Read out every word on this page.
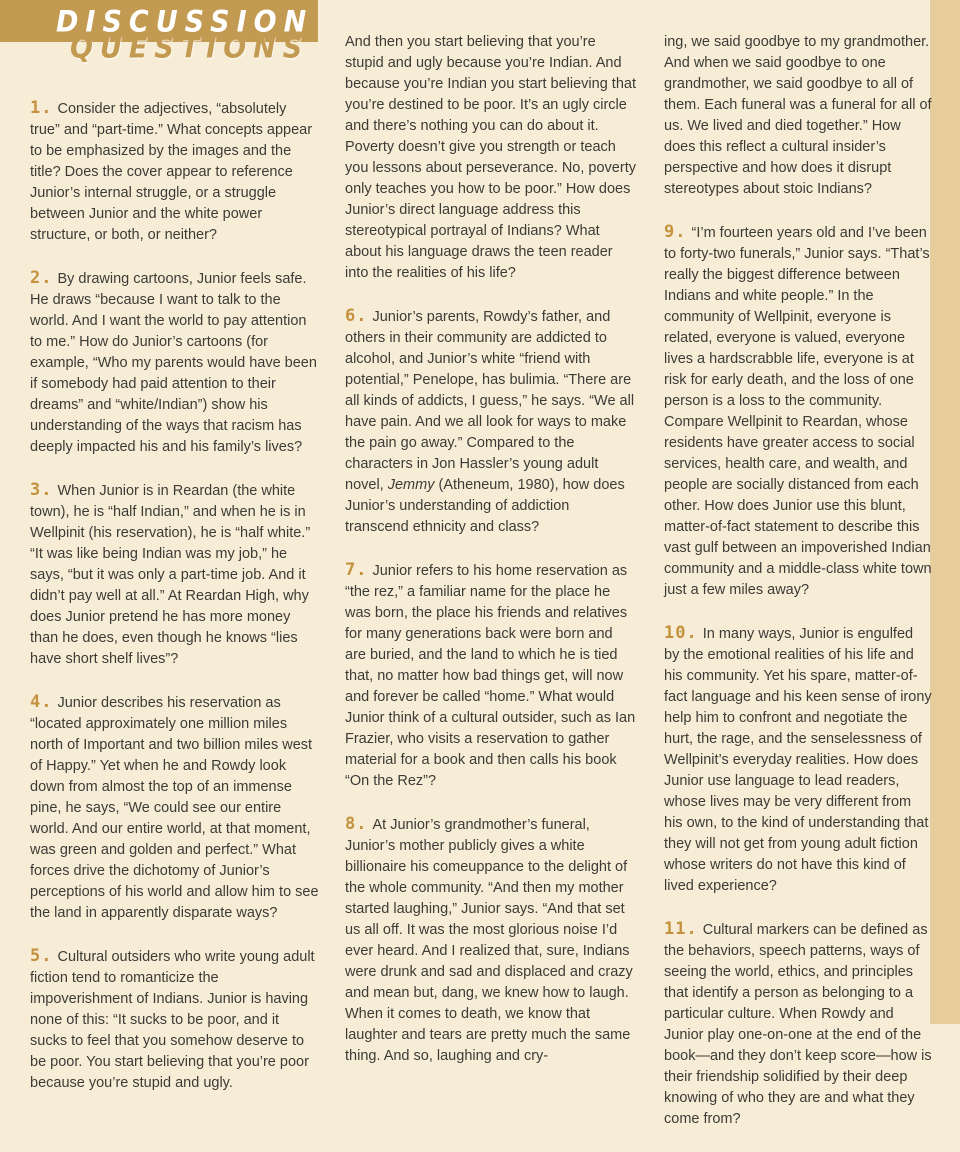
DISCUSSION
QUESTIONS

1. Consider the adjectives, “absolutely true” and “part-time.” What concepts appear to be emphasized by the images and the title? Does the cover appear to reference Junior’s internal struggle, or a struggle between Junior and the white power structure, or both, or neither?

2. By drawing cartoons, Junior feels safe. He draws “because I want to talk to the world. And I want the world to pay attention to me.” How do Junior’s cartoons (for example, “Who my parents would have been if somebody had paid attention to their dreams” and “white/Indian”) show his understanding of the ways that racism has deeply impacted his and his family’s lives?

3. When Junior is in Reardan (the white town), he is “half Indian,” and when he is in Wellpinit (his reservation), he is “half white.” “It was like being Indian was my job,” he says, “but it was only a part-time job. And it didn’t pay well at all.” At Reardan High, why does Junior pretend he has more money than he does, even though he knows “lies have short shelf lives”?

4. Junior describes his reservation as “located approximately one million miles north of Important and two billion miles west of Happy.” Yet when he and Rowdy look down from almost the top of an immense pine, he says, “We could see our entire world. And our entire world, at that moment, was green and golden and perfect.” What forces drive the dichotomy of Junior’s perceptions of his world and allow him to see the land in apparently disparate ways?

5. Cultural outsiders who write young adult fiction tend to romanticize the impoverishment of Indians. Junior is having none of this: “It sucks to be poor, and it sucks to feel that you somehow deserve to be poor. You start believing that you’re poor because you’re stupid and ugly.

And then you start believing that you’re stupid and ugly because you’re Indian. And because you’re Indian you start believing that you’re destined to be poor. It’s an ugly circle and there’s nothing you can do about it. Poverty doesn’t give you strength or teach you lessons about perseverance. No, poverty only teaches you how to be poor.” How does Junior’s direct language address this stereotypical portrayal of Indians? What about his language draws the teen reader into the realities of his life?

6. Junior’s parents, Rowdy’s father, and others in their community are addicted to alcohol, and Junior’s white “friend with potential,” Penelope, has bulimia. “There are all kinds of addicts, I guess,” he says. “We all have pain. And we all look for ways to make the pain go away.” Compared to the characters in Jon Hassler’s young adult novel, Jemmy (Atheneum, 1980), how does Junior’s understanding of addiction transcend ethnicity and class?

7. Junior refers to his home reservation as “the rez,” a familiar name for the place he was born, the place his friends and relatives for many generations back were born and are buried, and the land to which he is tied that, no matter how bad things get, will now and forever be called “home.” What would Junior think of a cultural outsider, such as Ian Frazier, who visits a reservation to gather material for a book and then calls his book “On the Rez”?

8. At Junior’s grandmother’s funeral, Junior’s mother publicly gives a white billionaire his comeuppance to the delight of the whole community. “And then my mother started laughing,” Junior says. “And that set us all off. It was the most glorious noise I’d ever heard. And I realized that, sure, Indians were drunk and sad and displaced and crazy and mean but, dang, we knew how to laugh. When it comes to death, we know that laughter and tears are pretty much the same thing. And so, laughing and cry-

ing, we said goodbye to my grandmother. And when we said goodbye to one grandmother, we said goodbye to all of them. Each funeral was a funeral for all of us. We lived and died together.” How does this reflect a cultural insider’s perspective and how does it disrupt stereotypes about stoic Indians?

9. “I’m fourteen years old and I’ve been to forty-two funerals,” Junior says. “That’s really the biggest difference between Indians and white people.” In the community of Wellpinit, everyone is related, everyone is valued, everyone lives a hardscrabble life, everyone is at risk for early death, and the loss of one person is a loss to the community. Compare Wellpinit to Reardan, whose residents have greater access to social services, health care, and wealth, and people are socially distanced from each other. How does Junior use this blunt, matter-of-fact statement to describe this vast gulf between an impoverished Indian community and a middle-class white town just a few miles away?

10. In many ways, Junior is engulfed by the emotional realities of his life and his community. Yet his spare, matter-of-fact language and his keen sense of irony help him to confront and negotiate the hurt, the rage, and the senselessness of Wellpinit’s everyday realities. How does Junior use language to lead readers, whose lives may be very different from his own, to the kind of understanding that they will not get from young adult fiction whose writers do not have this kind of lived experience?

11. Cultural markers can be defined as the behaviors, speech patterns, ways of seeing the world, ethics, and principles that identify a person as belonging to a particular culture. When Rowdy and Junior play one-on-one at the end of the book—and they don’t keep score—how is their friendship solidified by their deep knowing of who they are and what they come from?
